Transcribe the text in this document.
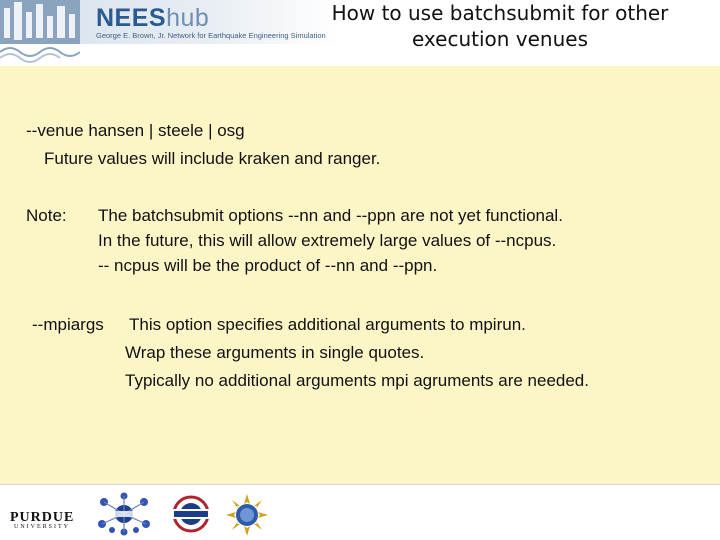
NEEShub
George E. Brown, Jr. Network for Earthquake Engineering Simulation
How to use batchsubmit for other
execution venues
--venue hansen | steele | osg
Future values will include kraken and ranger.
Note: The batchsubmit options --nn and --ppn are not yet functional.
In the future, this will allow extremely large values of --ncpus.
-- ncpus will be the product of --nn and --ppn.
--mpiargs This option specifies additional arguments to mpirun.
Wrap these arguments in single quotes.
Typically no additional arguments mpi agruments are needed.
PURDUE
UNIVERSITY
